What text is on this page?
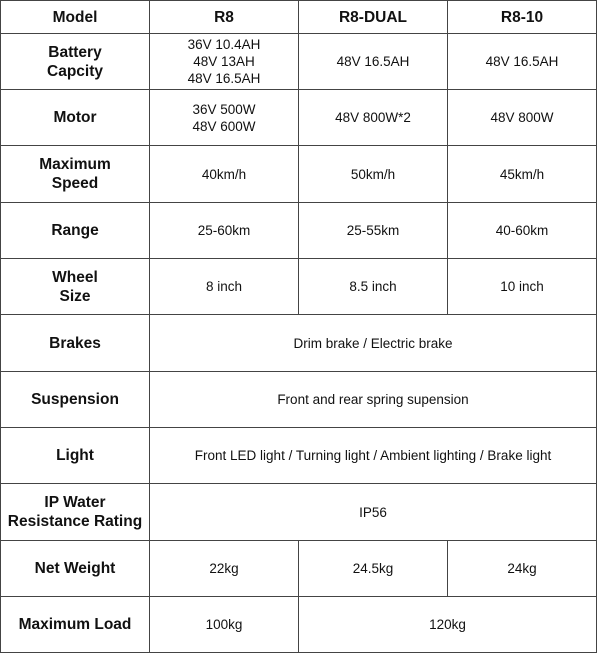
Model	R8	R8-DUAL	R8-10

Battery
Capcity	36V 10.4AH
48V 13AH
48V 16.5AH	48V 16.5AH	48V 16.5AH
Motor	36V 500W
48V 600W	48V 800W*2	48V 800W

Maximum
Speed	40km/h	50km/h	45km/h
Range	25-60km	25-55km	40-60km

Wheel
Size	8 inch	8.5 inch	10 inch
Brakes	Drim brake / Electric brake		
Suspension	Front and rear spring supension		
Light	Front LED light / Turning light / Ambient lighting / Brake light		

IP Water
Resistance Rating	IP56		
Net Weight	22kg	24.5kg	24kg
Maximum Load	100kg	120kg	
